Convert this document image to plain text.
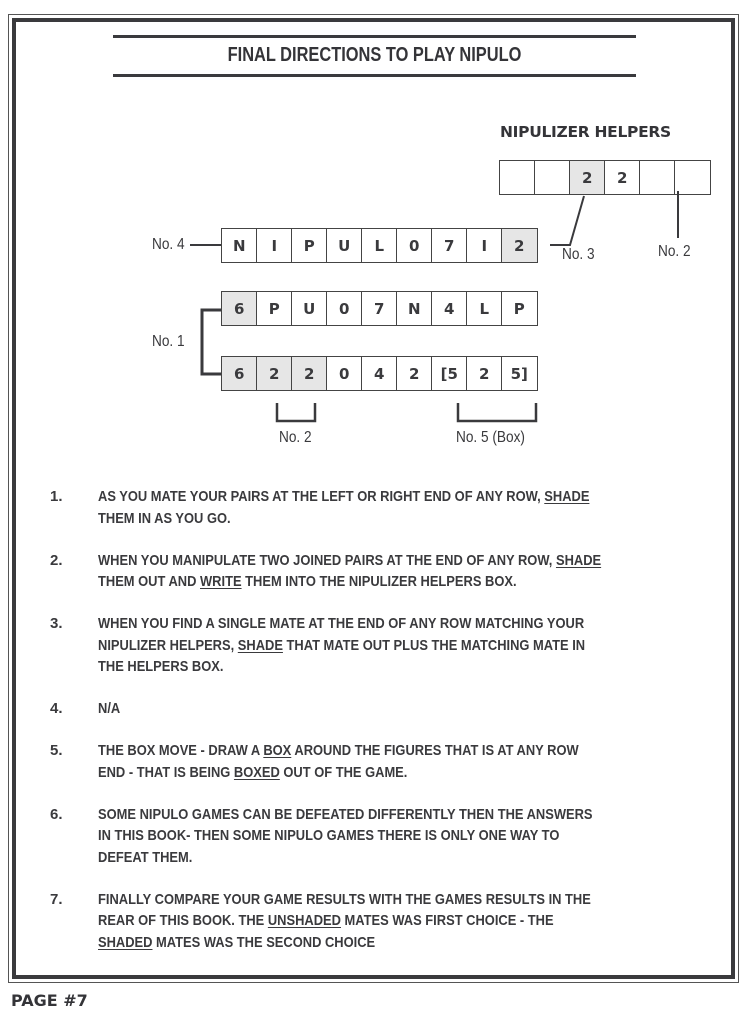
FINAL DIRECTIONS TO PLAY NIPULO
NIPULIZER HELPERS
2	2
N	I	P	U	L	0	7	I	2
6	P	U	0	7	N	4	L	P
6	2	2	0	4	2	[5	2	5]
No. 4
No. 3	No. 2
No. 1
No. 2	No. 5 (Box)
1.	AS YOU MATE YOUR PAIRS AT THE LEFT OR RIGHT END OF ANY ROW, SHADE THEM IN AS YOU GO.
2.	WHEN YOU MANIPULATE TWO JOINED PAIRS AT THE END OF ANY ROW, SHADE THEM OUT AND WRITE THEM INTO THE NIPULIZER HELPERS BOX.
3.	WHEN YOU FIND A SINGLE MATE AT THE END OF ANY ROW MATCHING YOUR NIPULIZER HELPERS, SHADE THAT MATE OUT PLUS THE MATCHING MATE IN THE HELPERS BOX.
4.	N/A
5.	THE BOX MOVE - DRAW A BOX AROUND THE FIGURES THAT IS AT ANY ROW END - THAT IS BEING BOXED OUT OF THE GAME.
6.	SOME NIPULO GAMES CAN BE DEFEATED DIFFERENTLY THEN THE ANSWERS IN THIS BOOK- THEN SOME NIPULO GAMES THERE IS ONLY ONE WAY TO DEFEAT THEM.
7.	FINALLY COMPARE YOUR GAME RESULTS WITH THE GAMES RESULTS IN THE REAR OF THIS BOOK. THE UNSHADED MATES WAS FIRST CHOICE - THE SHADED MATES WAS THE SECOND CHOICE
PAGE #7
